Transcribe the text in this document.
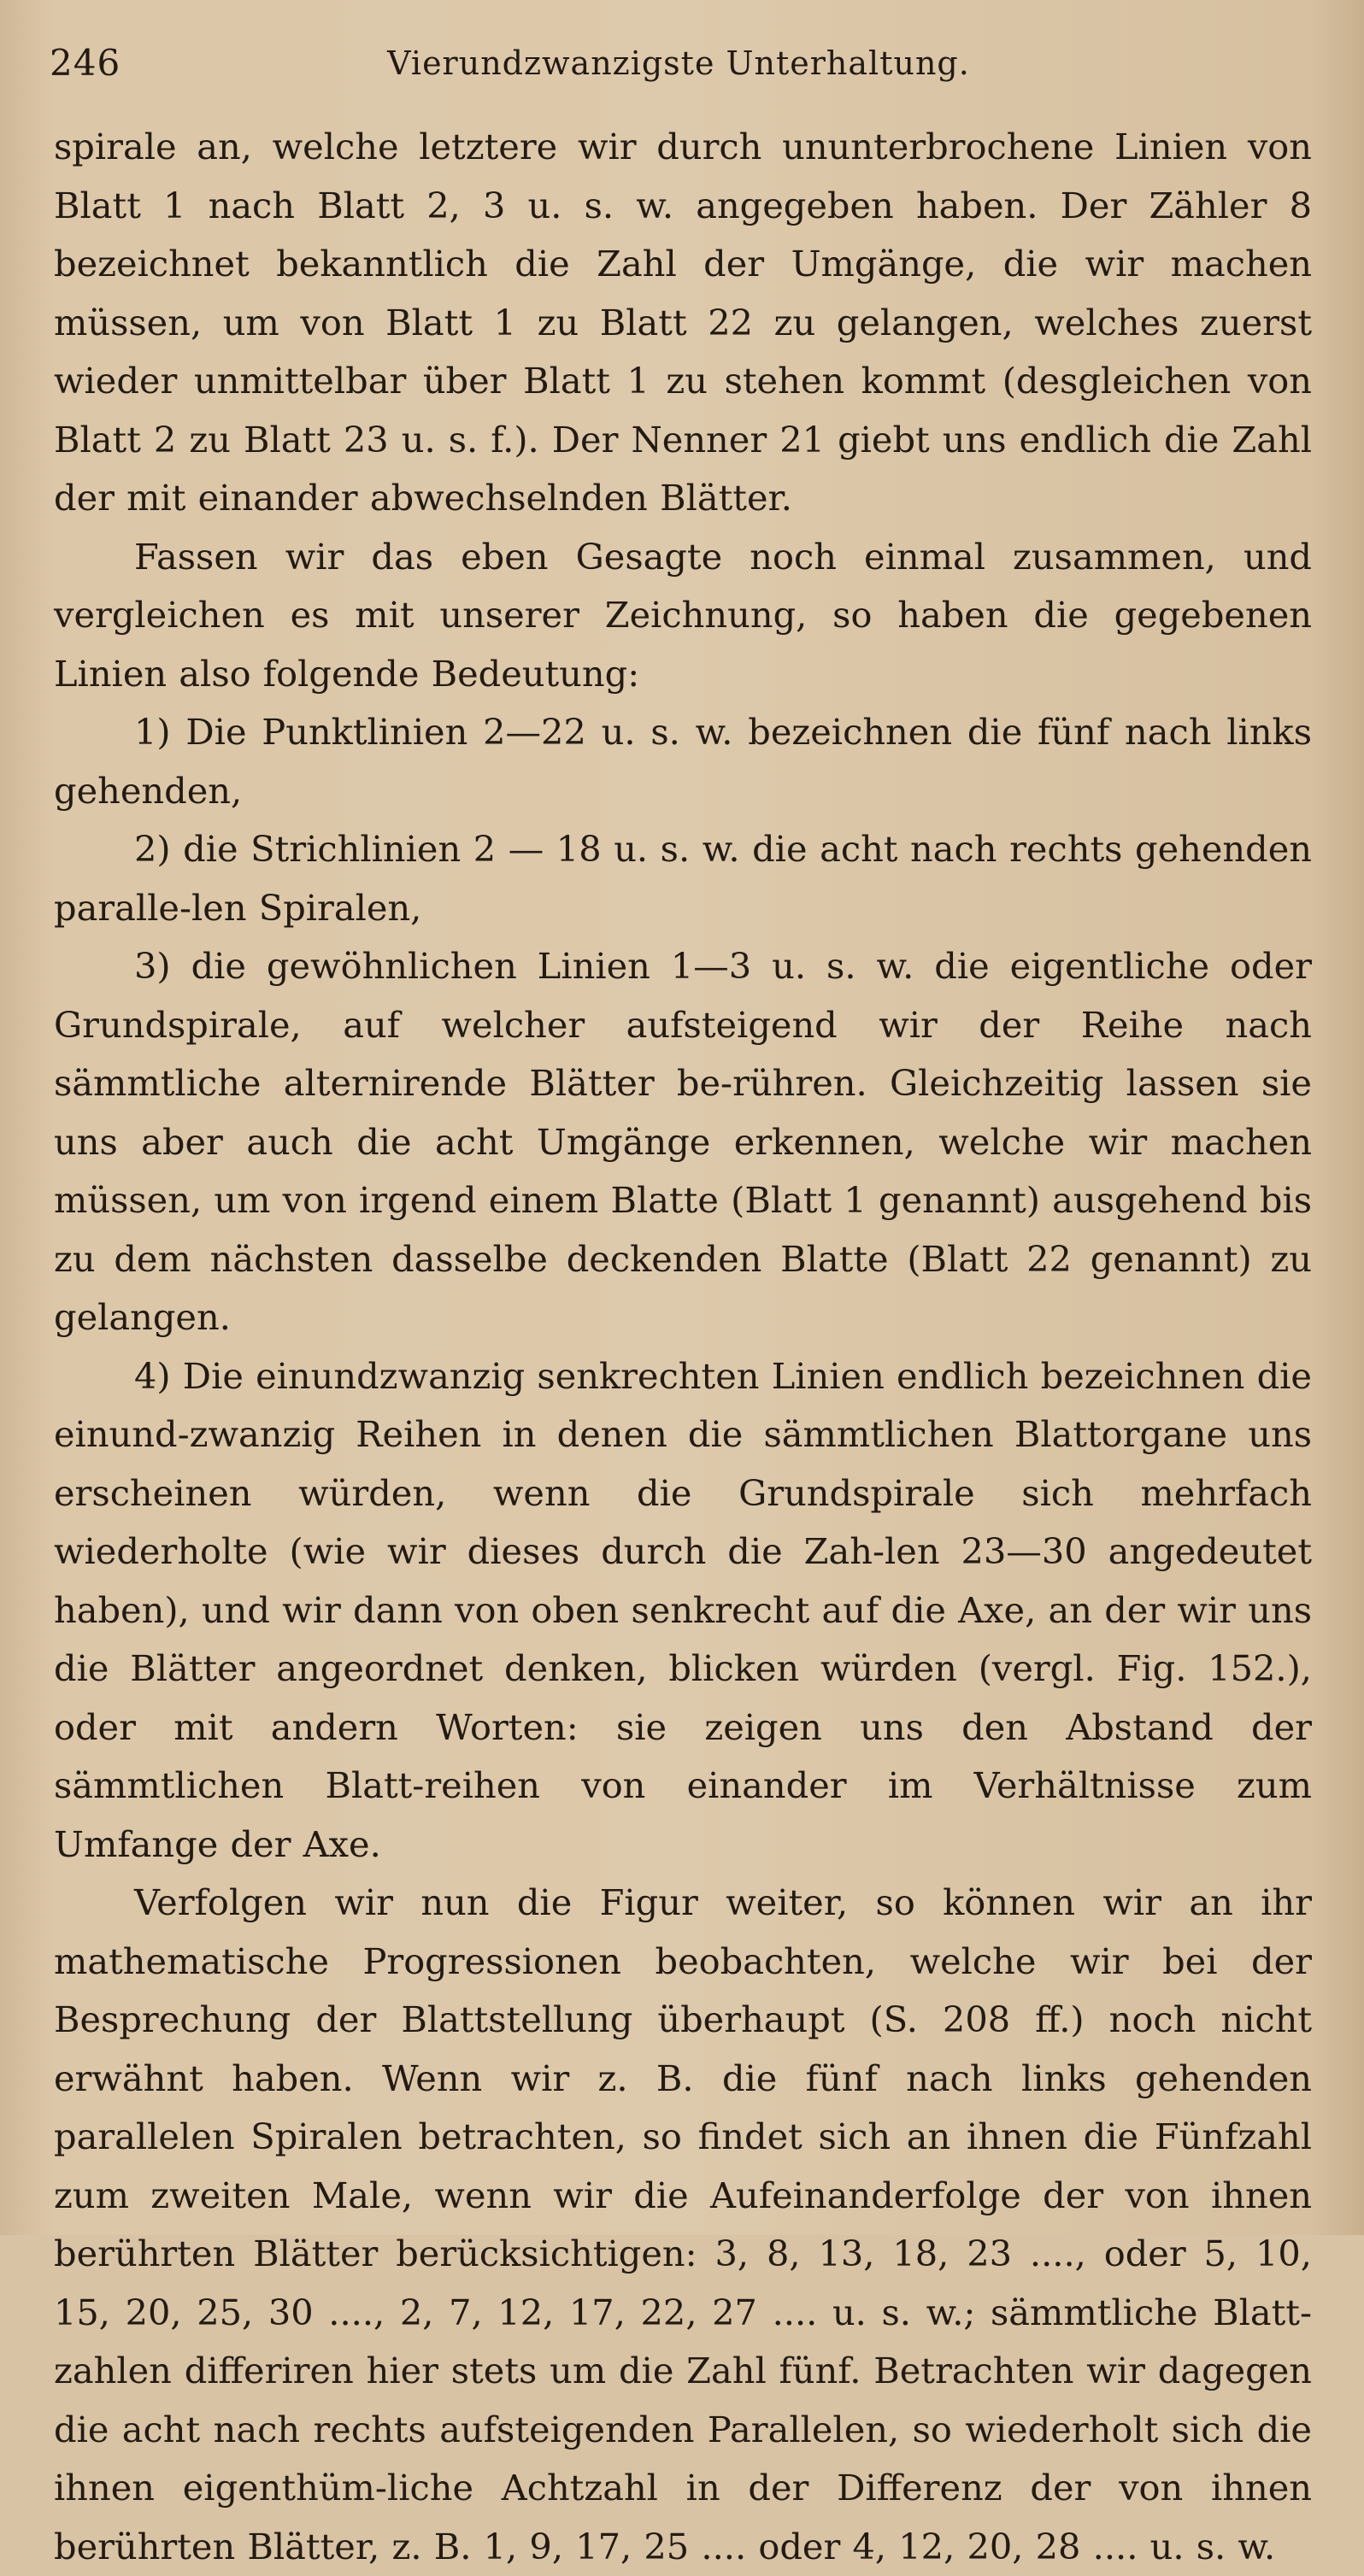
246	Vierundzwanzigste Unterhaltung.

spirale an, welche letztere wir durch ununterbrochene Linien von Blatt 1 nach Blatt 2, 3 u. s. w. angegeben haben. Der Zähler 8 bezeichnet bekanntlich die Zahl der Umgänge, die wir machen müssen, um von Blatt 1 zu Blatt 22 zu gelangen, welches zuerst wieder unmittelbar über Blatt 1 zu stehen kommt (desgleichen von Blatt 2 zu Blatt 23 u. s. f.). Der Nenner 21 giebt uns endlich die Zahl der mit einander abwechselnden Blätter.

Fassen wir das eben Gesagte noch einmal zusammen, und vergleichen es mit unserer Zeichnung, so haben die gegebenen Linien also folgende Bedeutung:

1) Die Punktlinien 2—22 u. s. w. bezeichnen die fünf nach links gehenden,

2) die Strichlinien 2 — 18 u. s. w. die acht nach rechts gehenden paralle-len Spiralen,

3) die gewöhnlichen Linien 1—3 u. s. w. die eigentliche oder Grundspirale, auf welcher aufsteigend wir der Reihe nach sämmtliche alternirende Blätter be-rühren. Gleichzeitig lassen sie uns aber auch die acht Umgänge erkennen, welche wir machen müssen, um von irgend einem Blatte (Blatt 1 genannt) ausgehend bis zu dem nächsten dasselbe deckenden Blatte (Blatt 22 genannt) zu gelangen.

4) Die einundzwanzig senkrechten Linien endlich bezeichnen die einund-zwanzig Reihen in denen die sämmtlichen Blattorgane uns erscheinen würden, wenn die Grundspirale sich mehrfach wiederholte (wie wir dieses durch die Zah-len 23—30 angedeutet haben), und wir dann von oben senkrecht auf die Axe, an der wir uns die Blätter angeordnet denken, blicken würden (vergl. Fig. 152.), oder mit andern Worten: sie zeigen uns den Abstand der sämmtlichen Blatt-reihen von einander im Verhältnisse zum Umfange der Axe.

Verfolgen wir nun die Figur weiter, so können wir an ihr mathematische Progressionen beobachten, welche wir bei der Besprechung der Blattstellung überhaupt (S. 208 ff.) noch nicht erwähnt haben. Wenn wir z. B. die fünf nach links gehenden parallelen Spiralen betrachten, so findet sich an ihnen die Fünfzahl zum zweiten Male, wenn wir die Aufeinanderfolge der von ihnen berührten Blätter berücksichtigen: 3, 8, 13, 18, 23 ...., oder 5, 10, 15, 20, 25, 30 ...., 2, 7, 12, 17, 22, 27 .... u. s. w.; sämmtliche Blatt-zahlen differiren hier stets um die Zahl fünf. Betrachten wir dagegen die acht nach rechts aufsteigenden Parallelen, so wiederholt sich die ihnen eigenthüm-liche Achtzahl in der Differenz der von ihnen berührten Blätter, z. B. 1, 9, 17, 25 .... oder 4, 12, 20, 28 .... u. s. w.
